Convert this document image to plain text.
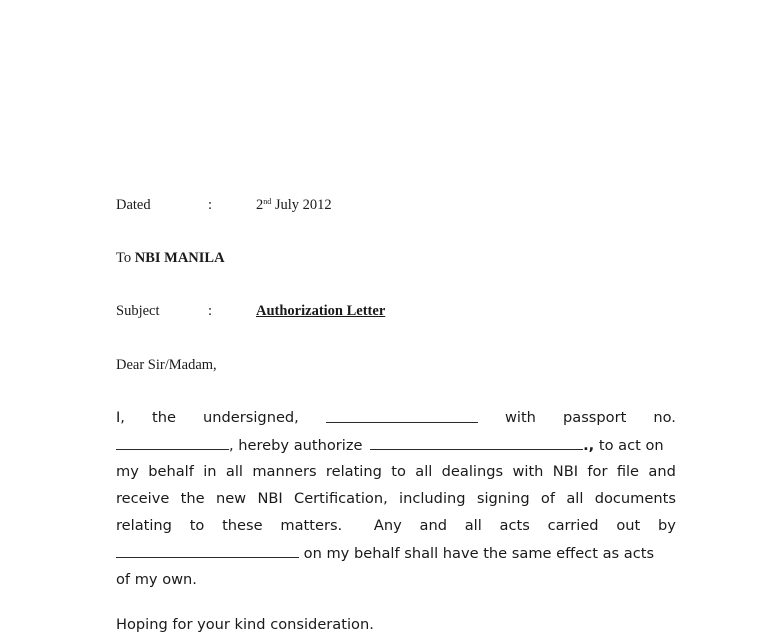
Dated	:	2nd July 2012
To NBI MANILA
Subject	:	Authorization Letter
Dear Sir/Madam,
I, the undersigned,	with passport no.
, hereby authorize	., to act on
my behalf in all manners relating to all dealings with NBI for file and
receive the new NBI Certification, including signing of all documents
relating to these matters. Any and all acts carried out by
on my behalf shall have the same effect as acts
of my own.
Hoping for your kind consideration.
